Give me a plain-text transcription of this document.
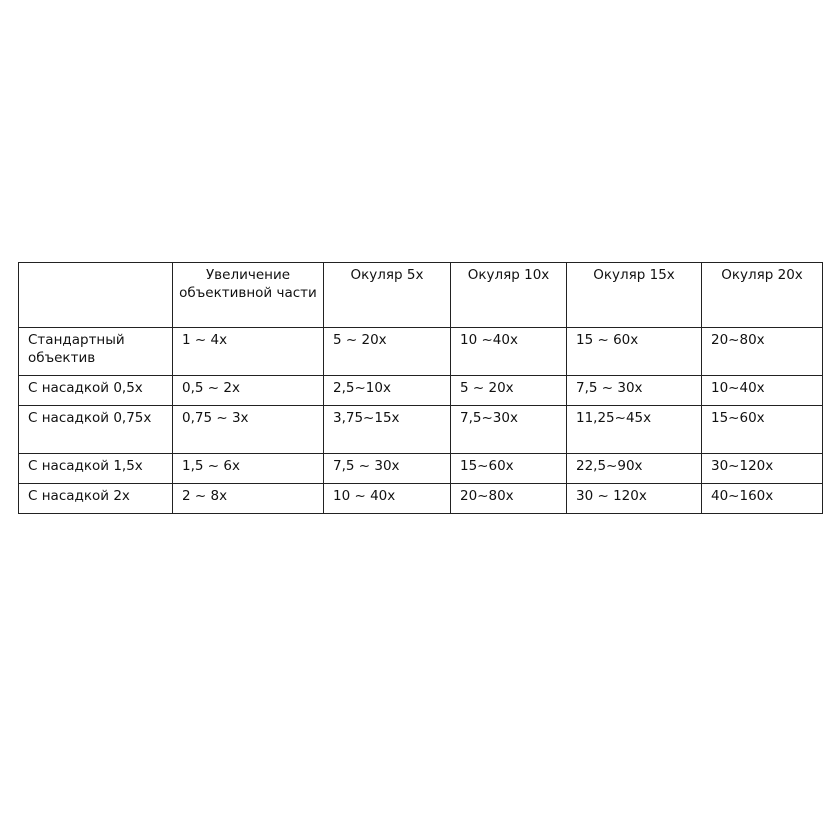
	Увеличение объективной части	Окуляр 5х	Окуляр 10х	Окуляр 15х	Окуляр 20х
Стандартный объектив	1 ~ 4х	5 ~ 20х	10 ~40х	15 ~ 60х	20~80х
С насадкой 0,5х	0,5 ~ 2х	2,5~10х	5 ~ 20х	7,5 ~ 30х	10~40х
С насадкой 0,75х	0,75 ~ 3х	3,75~15х	7,5~30х	11,25~45х	15~60х
С насадкой 1,5х	1,5 ~ 6х	7,5 ~ 30х	15~60х	22,5~90х	30~120х
С насадкой 2х	2 ~ 8х	10 ~ 40х	20~80х	30 ~ 120х	40~160х
